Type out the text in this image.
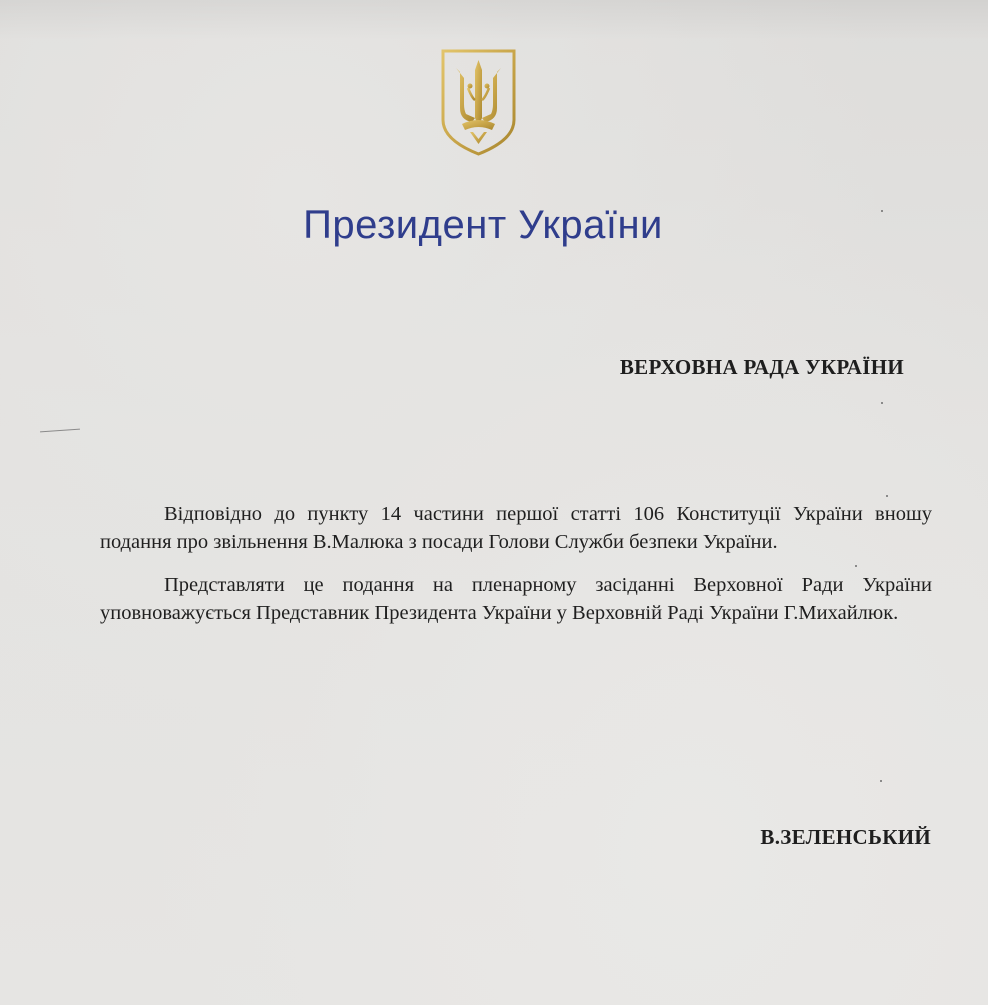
Президент України
ВЕРХОВНА РАДА УКРАЇНИ

Відповідно до пункту 14 частини першої статті 106 Конституції України вношу подання про звільнення В.Малюка з посади Голови Служби безпеки України.

Представляти це подання на пленарному засіданні Верховної Ради України уповноважується Представник Президента України у Верховній Раді України Г.Михайлюк.

В.ЗЕЛЕНСЬКИЙ
